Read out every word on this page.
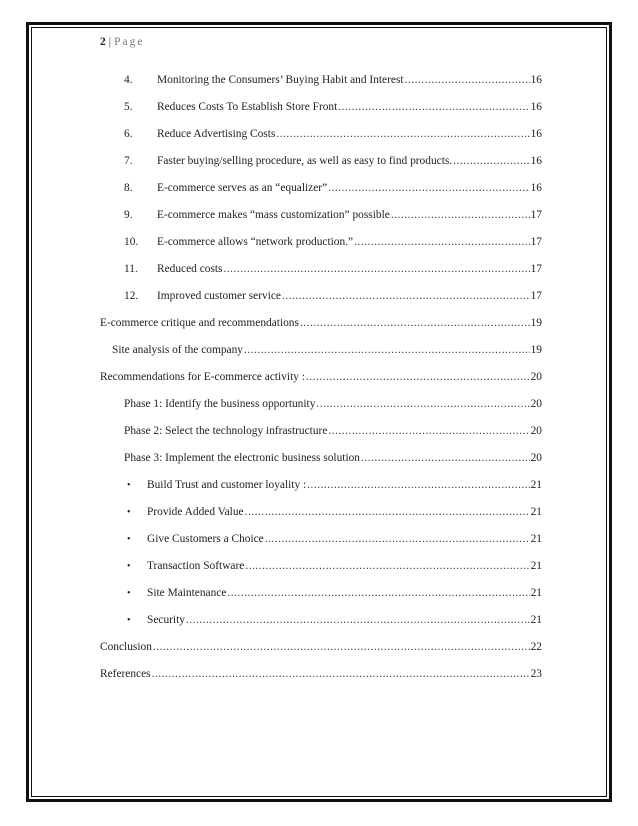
2 | Page
4.	Monitoring the Consumers’ Buying Habit and Interest .....	16
5.	Reduces Costs To Establish Store Front .....	16
6.	Reduce Advertising Costs .....	16
7.	Faster buying/selling procedure, as well as easy to find products. .....	16
8.	E-commerce serves as an “equalizer” .....	16
9.	E-commerce makes “mass customization” possible .....	17
10.	E-commerce allows “network production.” .....	17
11.	Reduced costs .....	17
12.	Improved customer service .....	17
E-commerce critique and recommendations .....	19
Site analysis of the company .....	19
Recommendations for E-commerce activity : .....	20
Phase 1: Identify the business opportunity .....	20
Phase 2: Select the technology infrastructure .....	20
Phase 3: Implement the electronic business solution .....	20
•	Build Trust and customer loyality : .....	21
•	Provide Added Value .....	21
•	Give Customers a Choice .....	21
•	Transaction Software .....	21
•	Site Maintenance .....	21
•	Security .....	21
Conclusion .....	22
References .....	23
